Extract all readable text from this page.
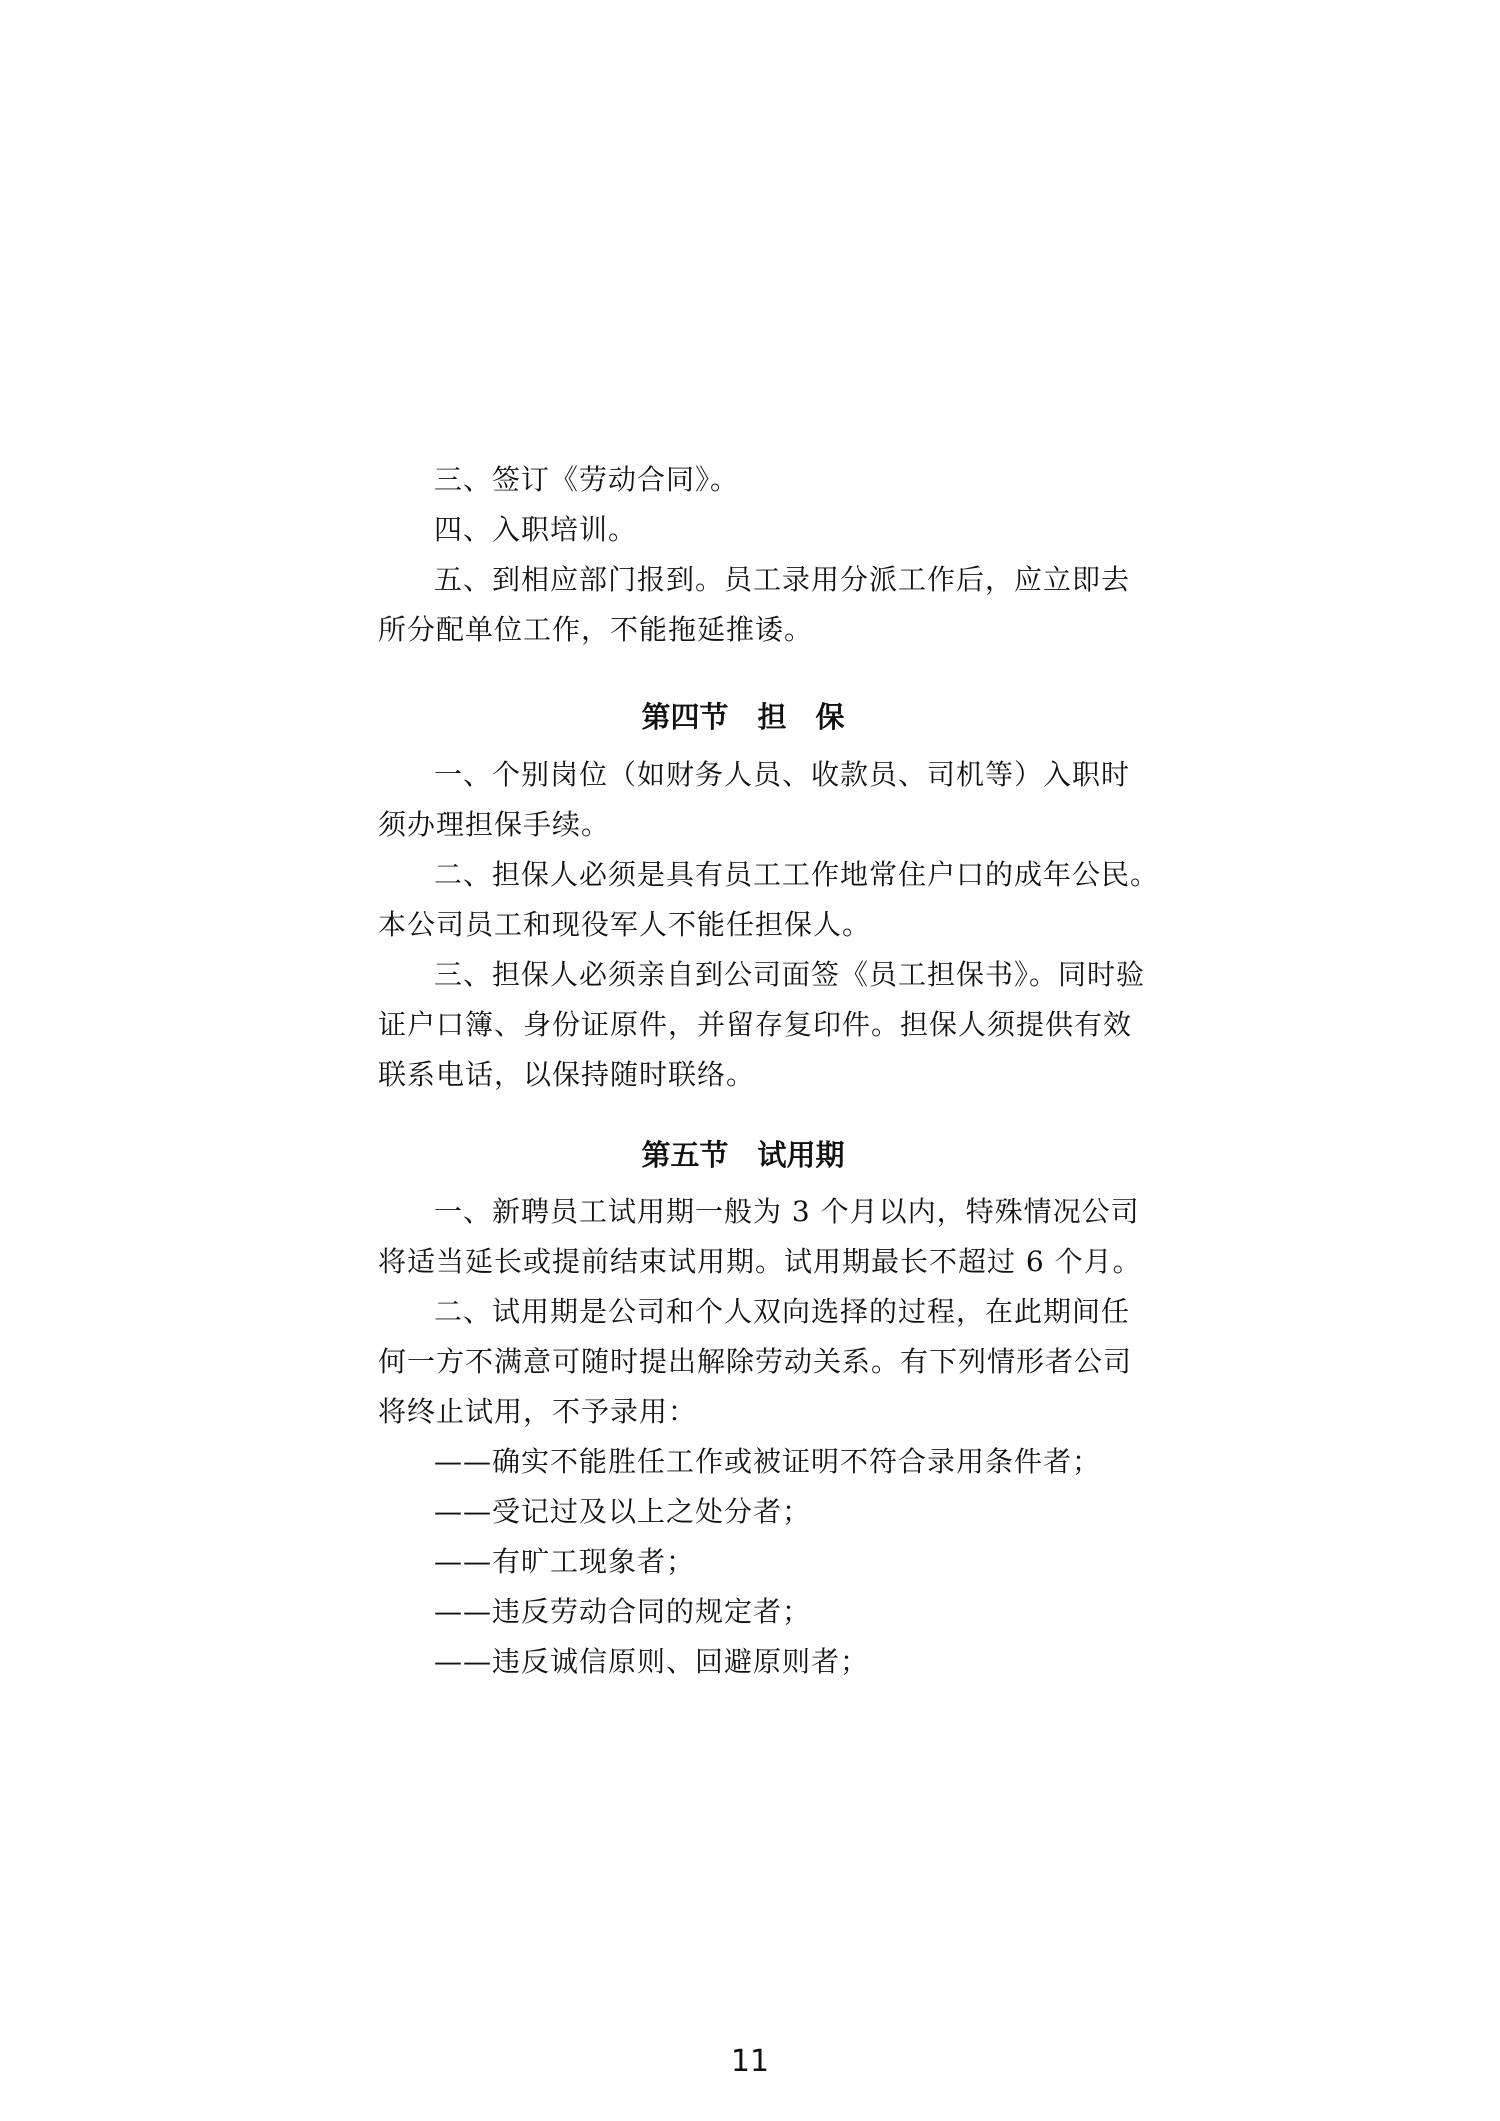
三、签订《劳动合同》。
四、入职培训。
五、到相应部门报到。员工录用分派工作后，应立即去
所分配单位工作，不能拖延推诿。
第四节　担　保
一、个别岗位（如财务人员、收款员、司机等）入职时
须办理担保手续。
二、担保人必须是具有员工工作地常住户口的成年公民。
本公司员工和现役军人不能任担保人。
三、担保人必须亲自到公司面签《员工担保书》。同时验
证户口簿、身份证原件，并留存复印件。担保人须提供有效
联系电话，以保持随时联络。
第五节　试用期
一、新聘员工试用期一般为 3 个月以内，特殊情况公司
将适当延长或提前结束试用期。试用期最长不超过 6 个月。
二、试用期是公司和个人双向选择的过程，在此期间任
何一方不满意可随时提出解除劳动关系。有下列情形者公司
将终止试用，不予录用：
——确实不能胜任工作或被证明不符合录用条件者；
——受记过及以上之处分者；
——有旷工现象者；
——违反劳动合同的规定者；
——违反诚信原则、回避原则者；
11
